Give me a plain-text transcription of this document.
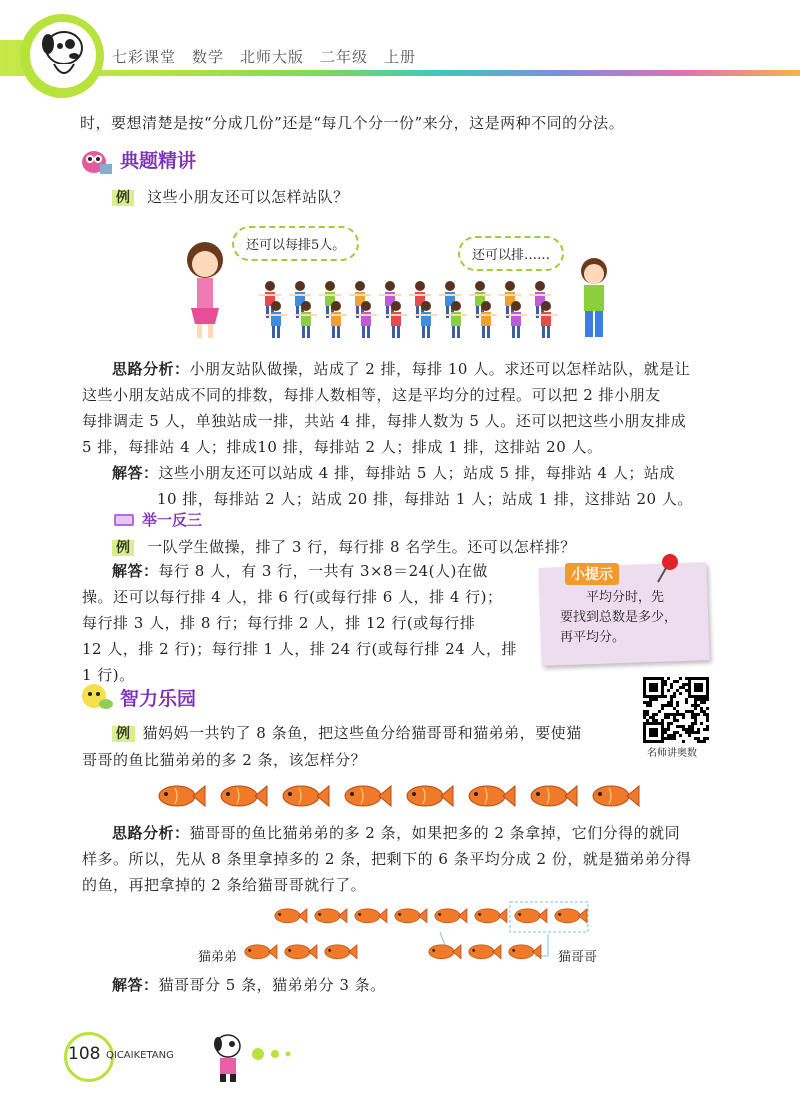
七彩课堂　数学　北师大版　二年级　上册
时，要想清楚是按“分成几份”还是“每几个分一份”来分，这是两种不同的分法。
典题精讲
例 这些小朋友还可以怎样站队？
还可以每排5人。
还可以排……
思路分析：小朋友站队做操，站成了 2 排，每排 10 人。求还可以怎样站队，就是让
这些小朋友站成不同的排数，每排人数相等，这是平均分的过程。可以把 2 排小朋友
每排调走 5 人，单独站成一排，共站 4 排，每排人数为 5 人。还可以把这些小朋友排成
5 排，每排站 4 人；排成10 排，每排站 2 人；排成 1 排，这排站 20 人。
解答：这些小朋友还可以站成 4 排，每排站 5 人；站成 5 排，每排站 4 人；站成
10 排，每排站 2 人；站成 20 排，每排站 1 人；站成 1 排，这排站 20 人。
举一反三
例 一队学生做操，排了 3 行，每行排 8 名学生。还可以怎样排？
解答：每行 8 人，有 3 行，一共有 3×8＝24(人)在做
操。还可以每行排 4 人，排 6 行(或每行排 6 人，排 4 行)；
每行排 3 人，排 8 行；每行排 2 人，排 12 行(或每行排
12 人，排 2 行)；每行排 1 人，排 24 行(或每行排 24 人，排
1 行)。
小提示
平均分时，先
要找到总数是多少，
再平均分。
智力乐园
名师讲奥数
例 猫妈妈一共钓了 8 条鱼，把这些鱼分给猫哥哥和猫弟弟，要使猫
哥哥的鱼比猫弟弟的多 2 条，该怎样分？
思路分析：猫哥哥的鱼比猫弟弟的多 2 条，如果把多的 2 条拿掉，它们分得的就同
样多。所以，先从 8 条里拿掉多的 2 条，把剩下的 6 条平均分成 2 份，就是猫弟弟分得
的鱼，再把拿掉的 2 条给猫哥哥就行了。
猫弟弟	猫哥哥
解答：猫哥哥分 5 条，猫弟弟分 3 条。
108 QICAIKETANG
